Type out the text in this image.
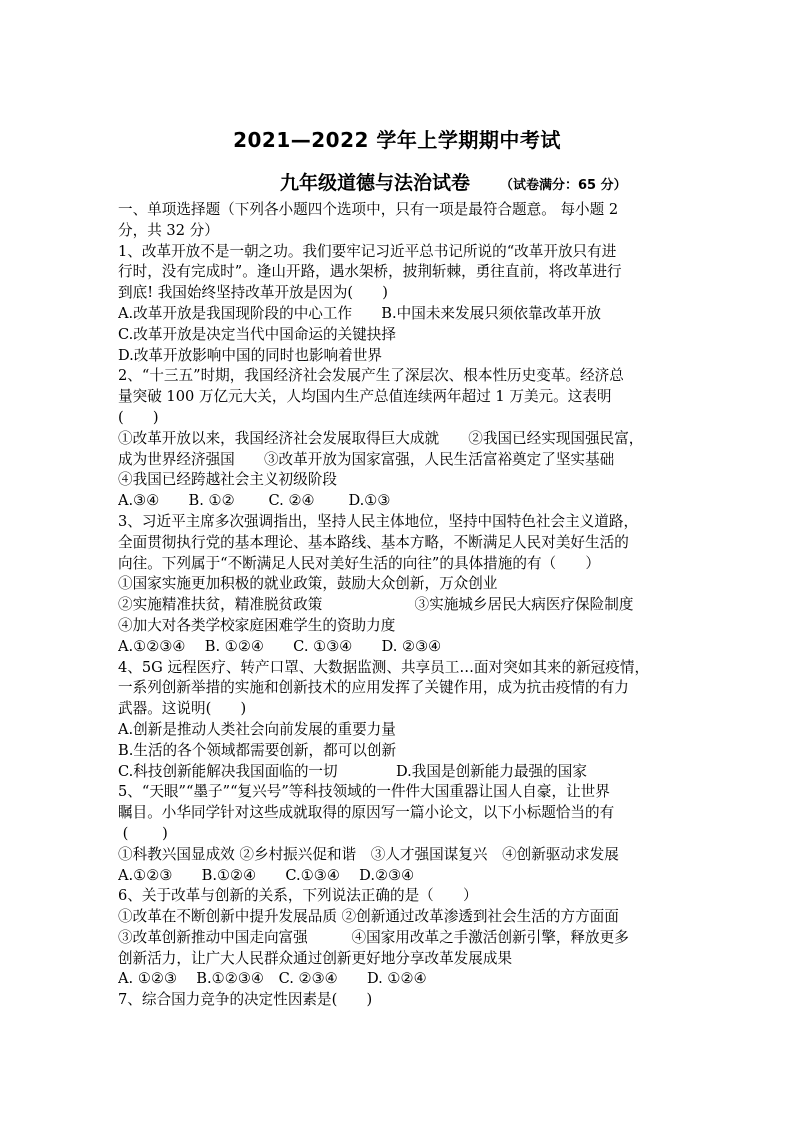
2021—2022 学年上学期期中考试
九年级道德与法治试卷 （试卷满分：65 分）
一、单项选择题（下列各小题四个选项中，只有一项是最符合题意。 每小题 2
分，共 32 分）
1、改革开放不是一朝之功。我们要牢记习近平总书记所说的“改革开放只有进
行时，没有完成时”。逢山开路，遇水架桥，披荆斩棘，勇往直前，将改革进行
到底! 我国始终坚持改革开放是因为(　　)
A.改革开放是我国现阶段的中心工作　　B.中国未来发展只须依靠改革开放
C.改革开放是决定当代中国命运的关键抉择
D.改革开放影响中国的同时也影响着世界
2、“十三五”时期，我国经济社会发展产生了深层次、根本性历史变革。经济总
量突破 100 万亿元大关，人均国内生产总值连续两年超过 1 万美元。这表明
(　　)
①改革开放以来，我国经济社会发展取得巨大成就　　②我国已经实现国强民富，
成为世界经济强国　　③改革开放为国家富强，人民生活富裕奠定了坚实基础
④我国已经跨越社会主义初级阶段
A.③④　　B. ①②　　 C. ②④　　 D.①③
3、习近平主席多次强调指出，坚持人民主体地位，坚持中国特色社会主义道路，
全面贯彻执行党的基本理论、基本路线、基本方略，不断满足人民对美好生活的
向往。下列属于“不断满足人民对美好生活的向往”的具体措施的有（　　）
①国家实施更加积极的就业政策，鼓励大众创新，万众创业
②实施精准扶贫，精准脱贫政策　　　　　　 ③实施城乡居民大病医疗保险制度
④加大对各类学校家庭困难学生的资助力度
A.①②③④　 B. ①②④　　C. ①③④　　D. ②③④
4、5G 远程医疗、转产口罩、大数据监测、共享员工…面对突如其来的新冠疫情，
一系列创新举措的实施和创新技术的应用发挥了关键作用，成为抗击疫情的有力
武器。这说明(　　)
A.创新是推动人类社会向前发展的重要力量
B.生活的各个领域都需要创新，都可以创新
C.科技创新能解决我国面临的一切　　　　D.我国是创新能力最强的国家
5、“天眼”“墨子”“复兴号”等科技领域的一件件大国重器让国人自豪，让世界
瞩目。小华同学针对这些成就取得的原因写一篇小论文，以下小标题恰当的有
(　　 )
①科教兴国显成效 ②乡村振兴促和谐　③人才强国谋复兴　④创新驱动求发展
A.①②③　　B.①②④　　C.①③④　 D.②③④
6、关于改革与创新的关系，下列说法正确的是（　　）
①改革在不断创新中提升发展品质 ②创新通过改革渗透到社会生活的方方面面
③改革创新推动中国走向富强　　　④国家用改革之手激活创新引擎，释放更多
创新活力，让广大人民群众通过创新更好地分享改革发展成果
A. ①②③　 B.①②③④　C. ②③④　　D. ①②④
7、综合国力竞争的决定性因素是(　　)
